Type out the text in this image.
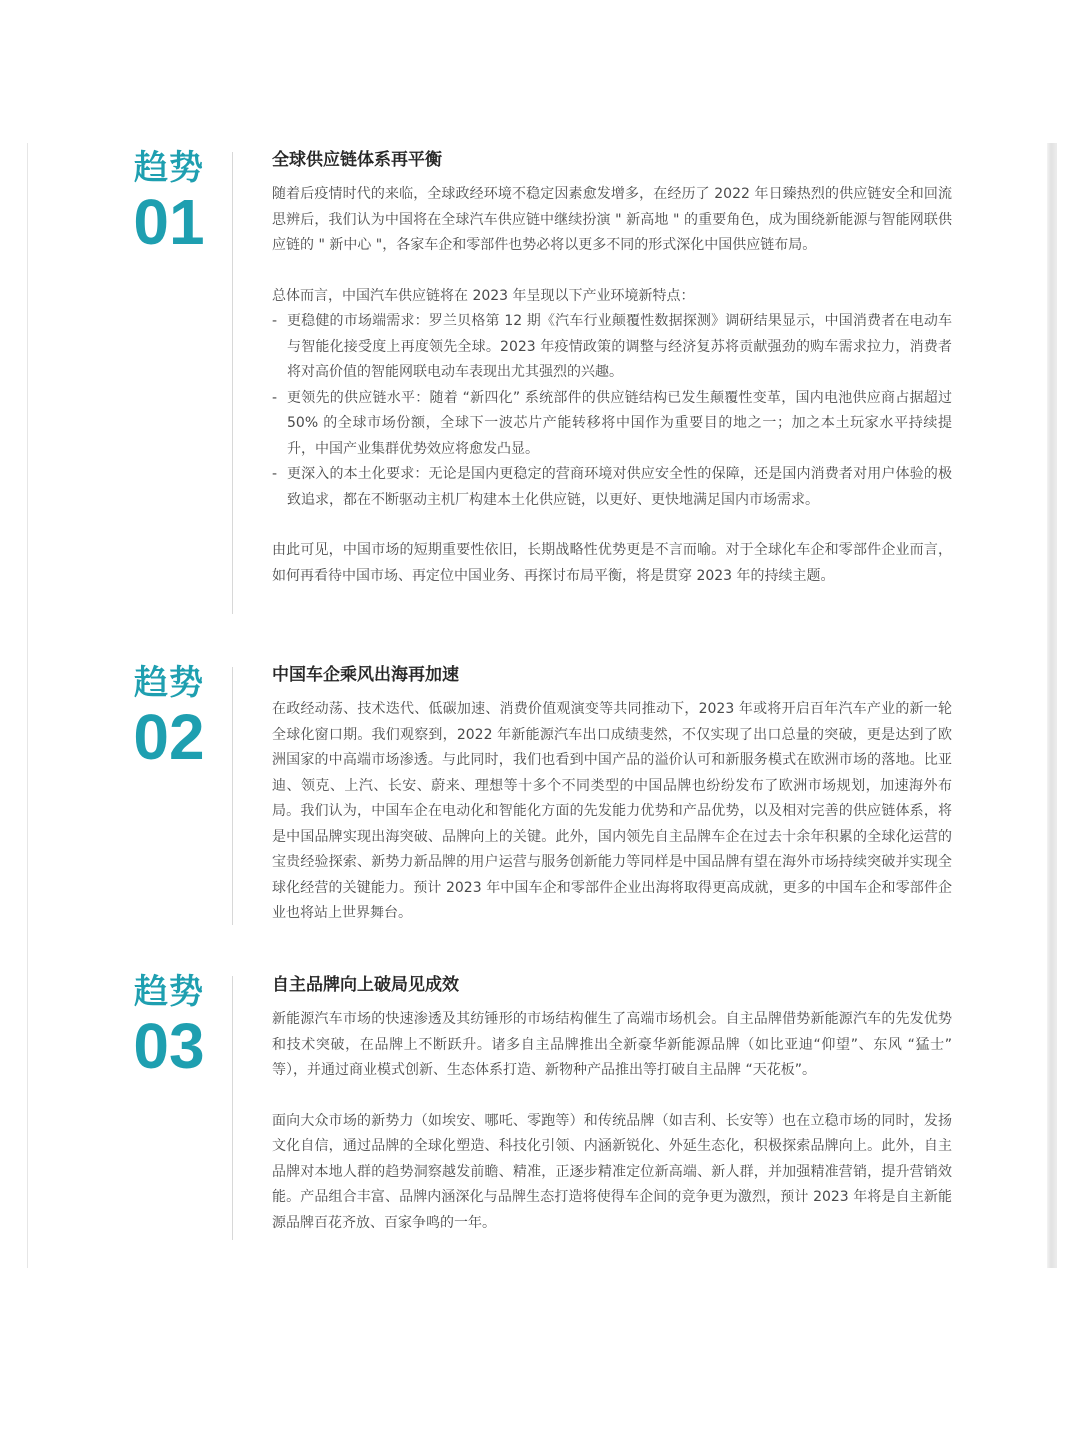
趋势
01
全球供应链体系再平衡

随着后疫情时代的来临，全球政经环境不稳定因素愈发增多，在经历了 2022 年日臻热烈的供应链安全和回流思辨后，我们认为中国将在全球汽车供应链中继续扮演 " 新高地 " 的重要角色，成为围绕新能源与智能网联供应链的 " 新中心 "，各家车企和零部件也势必将以更多不同的形式深化中国供应链布局。

总体而言，中国汽车供应链将在 2023 年呈现以下产业环境新特点：

- 更稳健的市场端需求：罗兰贝格第 12 期《汽车行业颠覆性数据探测》调研结果显示，中国消费者在电动车与智能化接受度上再度领先全球。2023 年疫情政策的调整与经济复苏将贡献强劲的购车需求拉力，消费者将对高价值的智能网联电动车表现出尤其强烈的兴趣。

- 更领先的供应链水平：随着 “新四化” 系统部件的供应链结构已发生颠覆性变革，国内电池供应商占据超过 50% 的全球市场份额，全球下一波芯片产能转移将中国作为重要目的地之一；加之本土玩家水平持续提升，中国产业集群优势效应将愈发凸显。

- 更深入的本土化要求：无论是国内更稳定的营商环境对供应安全性的保障，还是国内消费者对用户体验的极致追求，都在不断驱动主机厂构建本土化供应链，以更好、更快地满足国内市场需求。

由此可见，中国市场的短期重要性依旧，长期战略性优势更是不言而喻。对于全球化车企和零部件企业而言，如何再看待中国市场、再定位中国业务、再探讨布局平衡，将是贯穿 2023 年的持续主题。

趋势
02
中国车企乘风出海再加速

在政经动荡、技术迭代、低碳加速、消费价值观演变等共同推动下，2023 年或将开启百年汽车产业的新一轮全球化窗口期。我们观察到，2022 年新能源汽车出口成绩斐然，不仅实现了出口总量的突破，更是达到了欧洲国家的中高端市场渗透。与此同时，我们也看到中国产品的溢价认可和新服务模式在欧洲市场的落地。比亚迪、领克、上汽、长安、蔚来、理想等十多个不同类型的中国品牌也纷纷发布了欧洲市场规划，加速海外布局。我们认为，中国车企在电动化和智能化方面的先发能力优势和产品优势，以及相对完善的供应链体系，将是中国品牌实现出海突破、品牌向上的关键。此外，国内领先自主品牌车企在过去十余年积累的全球化运营的宝贵经验探索、新势力新品牌的用户运营与服务创新能力等同样是中国品牌有望在海外市场持续突破并实现全球化经营的关键能力。预计 2023 年中国车企和零部件企业出海将取得更高成就，更多的中国车企和零部件企业也将站上世界舞台。

趋势
03
自主品牌向上破局见成效

新能源汽车市场的快速渗透及其纺锤形的市场结构催生了高端市场机会。自主品牌借势新能源汽车的先发优势和技术突破，在品牌上不断跃升。诸多自主品牌推出全新豪华新能源品牌（如比亚迪“仰望”、东风 “猛士” 等），并通过商业模式创新、生态体系打造、新物种产品推出等打破自主品牌 “天花板”。

面向大众市场的新势力（如埃安、哪吒、零跑等）和传统品牌（如吉利、长安等）也在立稳市场的同时，发扬文化自信，通过品牌的全球化塑造、科技化引领、内涵新锐化、外延生态化，积极探索品牌向上。此外，自主品牌对本地人群的趋势洞察越发前瞻、精准，正逐步精准定位新高端、新人群，并加强精准营销，提升营销效能。产品组合丰富、品牌内涵深化与品牌生态打造将使得车企间的竞争更为激烈，预计 2023 年将是自主新能源品牌百花齐放、百家争鸣的一年。
